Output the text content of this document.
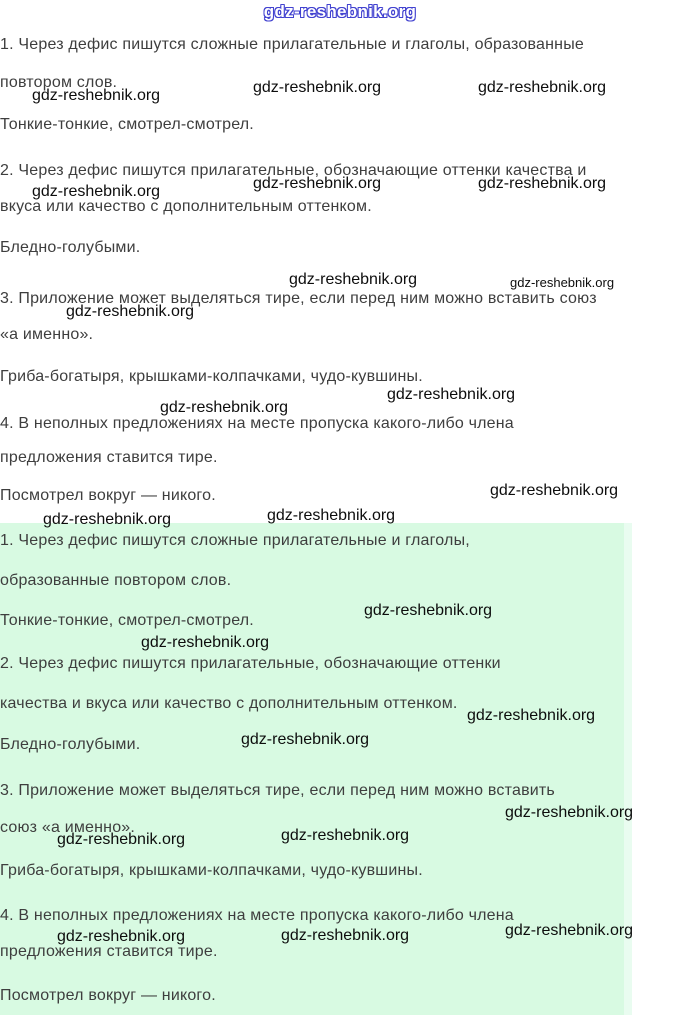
gdz-reshebnik.org
1. Через дефис пишутся сложные прилагательные и глаголы, образованные
повтором слов.
Тонкие-тонкие, смотрел-смотрел.
2. Через дефис пишутся прилагательные, обозначающие оттенки качества и
вкуса или качество с дополнительным оттенком.
Бледно-голубыми.
3. Приложение может выделяться тире, если перед ним можно вставить союз
«а именно».
Гриба-богатыря, крышками-колпачками, чудо-кувшины.
4. В неполных предложениях на месте пропуска какого-либо члена
предложения ставится тире.
Посмотрел вокруг — никого.
1. Через дефис пишутся сложные прилагательные и глаголы,
образованные повтором слов.
Тонкие-тонкие, смотрел-смотрел.
2. Через дефис пишутся прилагательные, обозначающие оттенки
качества и вкуса или качество с дополнительным оттенком.
Бледно-голубыми.
3. Приложение может выделяться тире, если перед ним можно вставить
союз «а именно».
Гриба-богатыря, крышками-колпачками, чудо-кувшины.
4. В неполных предложениях на месте пропуска какого-либо члена
предложения ставится тире.
Посмотрел вокруг — никого.
gdz-reshebnik.org	gdz-reshebnik.org	gdz-reshebnik.org
gdz-reshebnik.org	gdz-reshebnik.org	gdz-reshebnik.org
gdz-reshebnik.org	gdz-reshebnik.org
gdz-reshebnik.org
gdz-reshebnik.org
gdz-reshebnik.org
gdz-reshebnik.org
gdz-reshebnik.org	gdz-reshebnik.org
gdz-reshebnik.org
gdz-reshebnik.org
gdz-reshebnik.org
gdz-reshebnik.org
gdz-reshebnik.org
gdz-reshebnik.org	gdz-reshebnik.org
gdz-reshebnik.org	gdz-reshebnik.org	gdz-reshebnik.org
